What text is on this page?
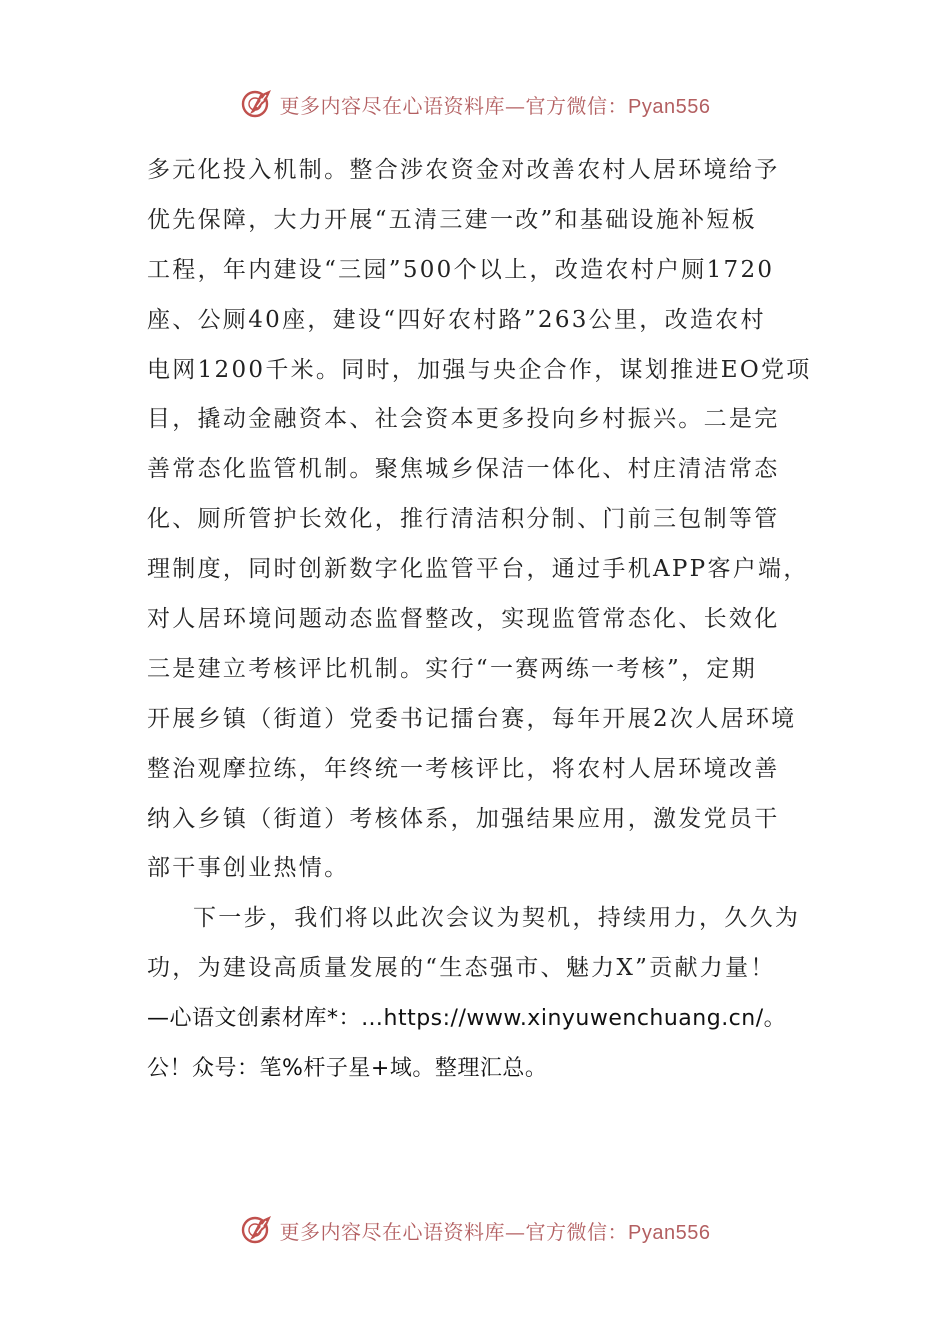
更多内容尽在心语资料库—官方微信：Pyan556
多元化投入机制。整合涉农资金对改善农村人居环境给予
优先保障，大力开展“五清三建一改”和基础设施补短板
工程，年内建设“三园”500个以上，改造农村户厕1720
座、公厕40座，建设“四好农村路”263公里，改造农村
电网1200千米。同时，加强与央企合作，谋划推进EO党项
目，撬动金融资本、社会资本更多投向乡村振兴。二是完
善常态化监管机制。聚焦城乡保洁一体化、村庄清洁常态
化、厕所管护长效化，推行清洁积分制、门前三包制等管
理制度，同时创新数字化监管平台，通过手机APP客户端，
对人居环境问题动态监督整改，实现监管常态化、长效化
三是建立考核评比机制。实行“一赛两练一考核”，定期
开展乡镇（街道）党委书记擂台赛，每年开展2次人居环境
整治观摩拉练，年终统一考核评比，将农村人居环境改善
纳入乡镇（街道）考核体系，加强结果应用，激发党员干
部干事创业热情。
下一步，我们将以此次会议为契机，持续用力，久久为
功，为建设高质量发展的“生态强市、魅力X”贡献力量！
—心语文创素材库*：…https://www.xinyuwenchuang.cn/。
公！众号：笔%杆子星+域。整理汇总。
更多内容尽在心语资料库—官方微信：Pyan556
